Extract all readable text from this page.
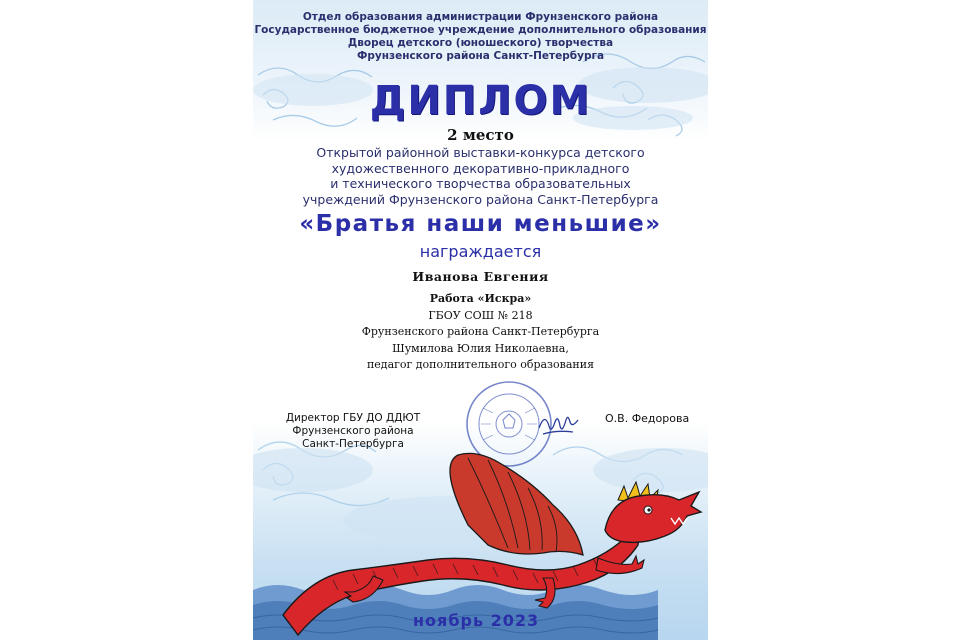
Отдел образования администрации Фрунзенского района
Государственное бюджетное учреждение дополнительного образования
Дворец детского (юношеского) творчества
Фрунзенского района Санкт-Петербурга
ДИПЛОМ
2 место
Открытой районной выставки-конкурса детского
художественного декоративно-прикладного
и технического творчества образовательных
учреждений Фрунзенского района Санкт-Петербурга
«Братья наши меньшие»
награждается
Иванова Евгения
Работа «Искра»
ГБОУ СОШ № 218
Фрунзенского района Санкт-Петербурга
Шумилова Юлия Николаевна,
педагог дополнительного образования
Директор ГБУ ДО ДДЮТ
Фрунзенского района
Санкт-Петербурга
О.В. Федорова
ноябрь 2023
